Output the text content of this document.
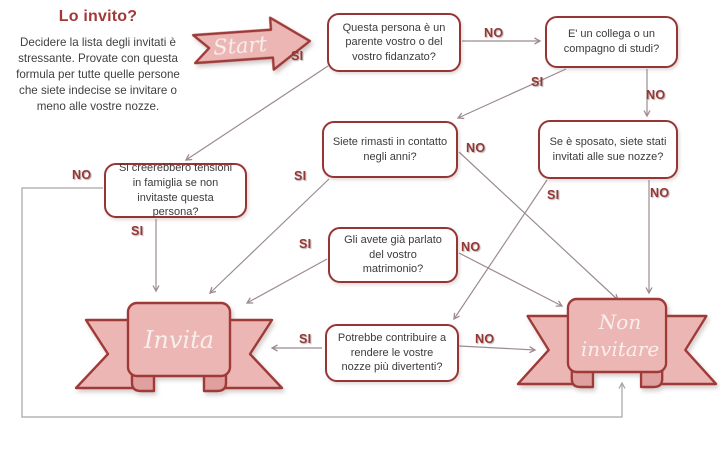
Lo invito?
Decidere la lista degli invitati è stressante. Provate con questa formula per tutte quelle persone che siete indecise se invitare o meno alle vostre nozze.
Start
Questa persona è un parente vostro o del vostro fidanzato?
E' un collega o un compagno di studi?
Siete rimasti in contatto negli anni?
Se è sposato, siete stati invitati alle sue nozze?
Si creerebbero tensioni in famiglia se non invitaste questa persona?
Gli avete già parlato del vostro matrimonio?
Potrebbe contribuire a rendere le vostre nozze più divertenti?
SI
NO
SI
NO
SI
NO
SI	NO
SI
NO
SI	NO
SI	NO
Invita
Non invitare
